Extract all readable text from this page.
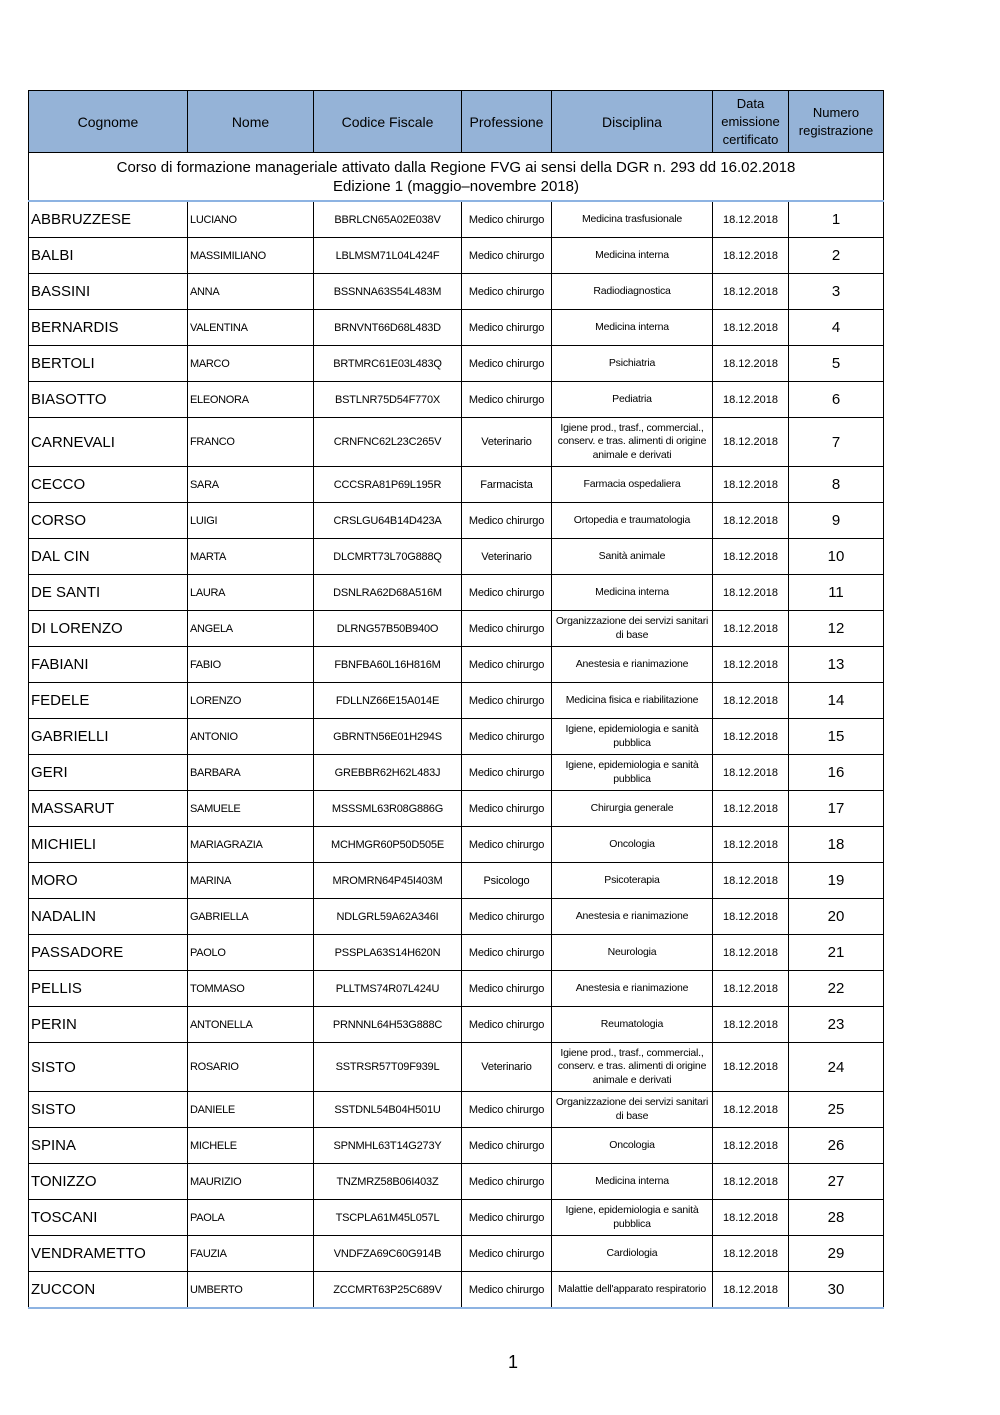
Cognome	Nome	Codice Fiscale	Professione	Disciplina	Data emissione certificato	Numero registrazione

Corso di formazione manageriale attivato dalla Regione FVG ai sensi della DGR n. 293 dd 16.02.2018
Edizione 1 (maggio–novembre 2018)						

ABBRUZZESE	LUCIANO	BBRLCN65A02E038V	Medico chirurgo	Medicina trasfusionale	18.12.2018	1
BALBI	MASSIMILIANO	LBLMSM71L04L424F	Medico chirurgo	Medicina interna	18.12.2018	2
BASSINI	ANNA	BSSNNA63S54L483M	Medico chirurgo	Radiodiagnostica	18.12.2018	3
BERNARDIS	VALENTINA	BRNVNT66D68L483D	Medico chirurgo	Medicina interna	18.12.2018	4
BERTOLI	MARCO	BRTMRC61E03L483Q	Medico chirurgo	Psichiatria	18.12.2018	5
BIASOTTO	ELEONORA	BSTLNR75D54F770X	Medico chirurgo	Pediatria	18.12.2018	6
CARNEVALI	FRANCO	CRNFNC62L23C265V	Veterinario	Igiene prod., trasf., commercial., conserv. e tras. alimenti di origine animale e derivati	18.12.2018	7
CECCO	SARA	CCCSRA81P69L195R	Farmacista	Farmacia ospedaliera	18.12.2018	8
CORSO	LUIGI	CRSLGU64B14D423A	Medico chirurgo	Ortopedia e traumatologia	18.12.2018	9
DAL CIN	MARTA	DLCMRT73L70G888Q	Veterinario	Sanità animale	18.12.2018	10
DE SANTI	LAURA	DSNLRA62D68A516M	Medico chirurgo	Medicina interna	18.12.2018	11
DI LORENZO	ANGELA	DLRNG57B50B940O	Medico chirurgo	Organizzazione dei servizi sanitari di base	18.12.2018	12
FABIANI	FABIO	FBNFBA60L16H816M	Medico chirurgo	Anestesia e rianimazione	18.12.2018	13
FEDELE	LORENZO	FDLLNZ66E15A014E	Medico chirurgo	Medicina fisica e riabilitazione	18.12.2018	14
GABRIELLI	ANTONIO	GBRNTN56E01H294S	Medico chirurgo	Igiene, epidemiologia e sanità pubblica	18.12.2018	15
GERI	BARBARA	GREBBR62H62L483J	Medico chirurgo	Igiene, epidemiologia e sanità pubblica	18.12.2018	16
MASSARUT	SAMUELE	MSSSML63R08G886G	Medico chirurgo	Chirurgia generale	18.12.2018	17
MICHIELI	MARIAGRAZIA	MCHMGR60P50D505E	Medico chirurgo	Oncologia	18.12.2018	18
MORO	MARINA	MROMRN64P45I403M	Psicologo	Psicoterapia	18.12.2018	19
NADALIN	GABRIELLA	NDLGRL59A62A346I	Medico chirurgo	Anestesia e rianimazione	18.12.2018	20
PASSADORE	PAOLO	PSSPLA63S14H620N	Medico chirurgo	Neurologia	18.12.2018	21
PELLIS	TOMMASO	PLLTMS74R07L424U	Medico chirurgo	Anestesia e rianimazione	18.12.2018	22
PERIN	ANTONELLA	PRNNNL64H53G888C	Medico chirurgo	Reumatologia	18.12.2018	23
SISTO	ROSARIO	SSTRSR57T09F939L	Veterinario	Igiene prod., trasf., commercial., conserv. e tras. alimenti di origine animale e derivati	18.12.2018	24
SISTO	DANIELE	SSTDNL54B04H501U	Medico chirurgo	Organizzazione dei servizi sanitari di base	18.12.2018	25
SPINA	MICHELE	SPNMHL63T14G273Y	Medico chirurgo	Oncologia	18.12.2018	26
TONIZZO	MAURIZIO	TNZMRZ58B06I403Z	Medico chirurgo	Medicina interna	18.12.2018	27
TOSCANI	PAOLA	TSCPLA61M45L057L	Medico chirurgo	Igiene, epidemiologia e sanità pubblica	18.12.2018	28
VENDRAMETTO	FAUZIA	VNDFZA69C60G914B	Medico chirurgo	Cardiologia	18.12.2018	29
ZUCCON	UMBERTO	ZCCMRT63P25C689V	Medico chirurgo	Malattie dell'apparato respiratorio	18.12.2018	30
1
